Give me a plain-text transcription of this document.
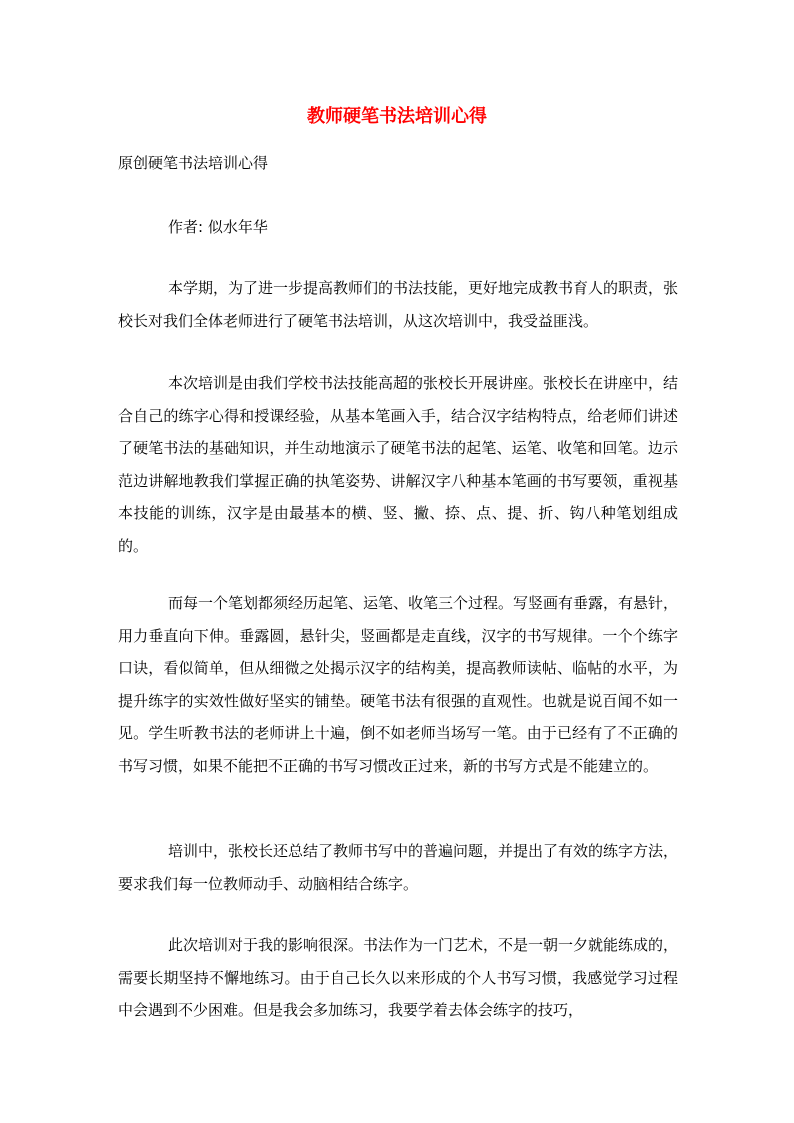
教师硬笔书法培训心得
原创硬笔书法培训心得
作者: 似水年华
本学期，为了进一步提高教师们的书法技能，更好地完成教书育人的职责，张校长对我们全体老师进行了硬笔书法培训，从这次培训中，我受益匪浅。
本次培训是由我们学校书法技能高超的张校长开展讲座。张校长在讲座中，结合自己的练字心得和授课经验，从基本笔画入手，结合汉字结构特点，给老师们讲述了硬笔书法的基础知识，并生动地演示了硬笔书法的起笔、运笔、收笔和回笔。边示范边讲解地教我们掌握正确的执笔姿势、讲解汉字八种基本笔画的书写要领，重视基本技能的训练，汉字是由最基本的横、竖、撇、捺、点、提、折、钩八种笔划组成的。
而每一个笔划都须经历起笔、运笔、收笔三个过程。写竖画有垂露，有悬针，用力垂直向下伸。垂露圆，悬针尖，竖画都是走直线，汉字的书写规律。一个个练字口诀，看似简单，但从细微之处揭示汉字的结构美，提高教师读帖、临帖的水平，为提升练字的实效性做好坚实的铺垫。硬笔书法有很强的直观性。也就是说百闻不如一见。学生听教书法的老师讲上十遍，倒不如老师当场写一笔。由于已经有了不正确的书写习惯，如果不能把不正确的书写习惯改正过来，新的书写方式是不能建立的。
培训中，张校长还总结了教师书写中的普遍问题，并提出了有效的练字方法，要求我们每一位教师动手、动脑相结合练字。
此次培训对于我的影响很深。书法作为一门艺术，不是一朝一夕就能练成的，需要长期坚持不懈地练习。由于自己长久以来形成的个人书写习惯，我感觉学习过程中会遇到不少困难。但是我会多加练习，我要学着去体会练字的技巧，
